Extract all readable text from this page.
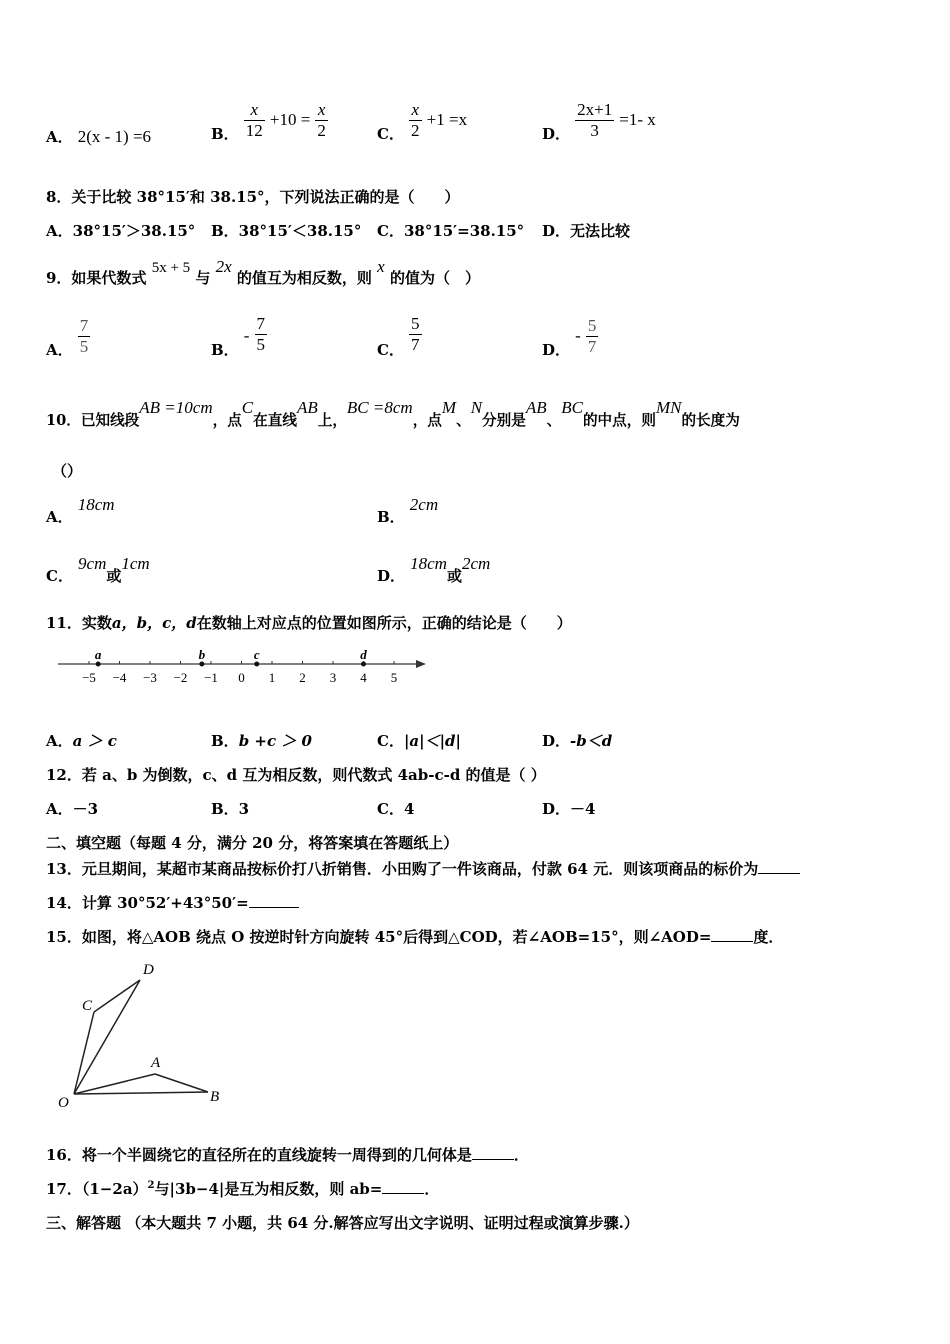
A． 2(x - 1) =6	B． $\frac{x}{12} +10 = \frac{x}{2}$	C． $\frac{x}{2} +1 =x$
D． $\frac{2x+1}{3} =1-$ x
8．关于比较 38°15′和 38.15°，下列说法正确的是（　　）
A．38°15′＞38.15° B．38°15′＜38.15° C．38°15′=38.15° D．无法比较
9．如果代数式 5x + 5 与 2x 的值互为相反数，则 x 的值为（　）
A． $\frac{7}{5}$	B． - $\frac{7}{5}$	C． $\frac{5}{7}$	D． - $\frac{5}{7}$
10．已知线段AB =10cm，点C在直线AB上，BC =8cm，点M、N分别是AB、BC的中点，则MN的长度为
（）
A． 18cm
B． 2cm
C． 9cm或1cm
D． 18cm或2cm
11．实数a，b，c，d在数轴上对应点的位置如图所示，正确的结论是（　　）
−5 −4 −3 −2 −1 0 1 2 3 4 5
a	b	c	d
A．a ＞ c	B．b +c ＞ 0	C．|a|＜|d|	D．-b＜d
12．若 a、b 为倒数，c、d 互为相反数，则代数式 4ab-c-d 的值是（ ）
A．－3	B．3	C．4	D．－4
二、填空题（每题 4 分，满分 20 分，将答案填在答题纸上）
13．元旦期间，某超市某商品按标价打八折销售．小田购了一件该商品，付款 64 元．则该项商品的标价为
14．计算 30°52′+43°50′=
15．如图，将△AOB 绕点 O 按逆时针方向旋转 45°后得到△COD，若∠AOB=15°，则∠AOD=	度．
O
A
B
C
D
16．将一个半圆绕它的直径所在的直线旋转一周得到的几何体是	．
17．$(1-2a)^2$与|3b−4|是互为相反数，则 ab=	．
三、解答题 （本大题共 7 小题，共 64 分.解答应写出文字说明、证明过程或演算步骤.）
